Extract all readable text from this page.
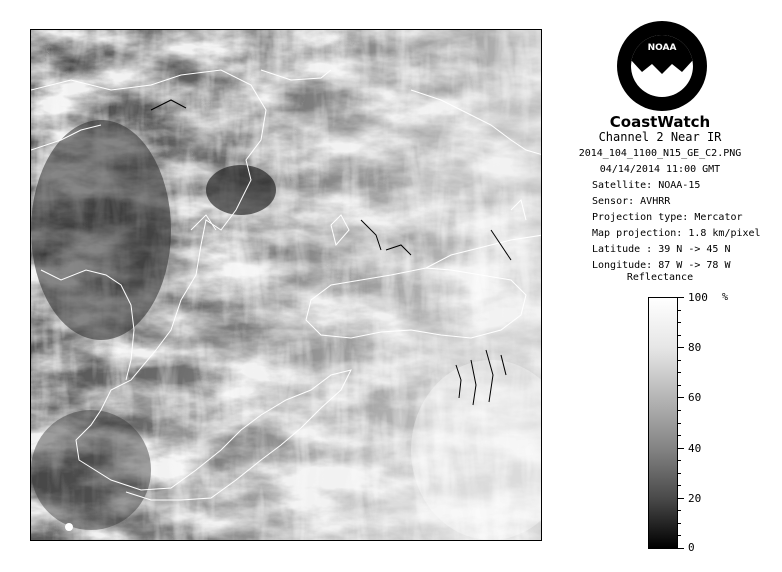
NOAA
CoastWatch
Channel 2 Near IR
2014_104_1100_N15_GE_C2.PNG
04/14/2014 11:00 GMT
Satellite: NOAA-15
Sensor: AVHRR
Projection type: Mercator
Map projection: 1.8 km/pixel
Latitude : 39 N -> 45 N
Longitude: 87 W -> 78 W
Reflectance
%
100
80
60
40
20
0
